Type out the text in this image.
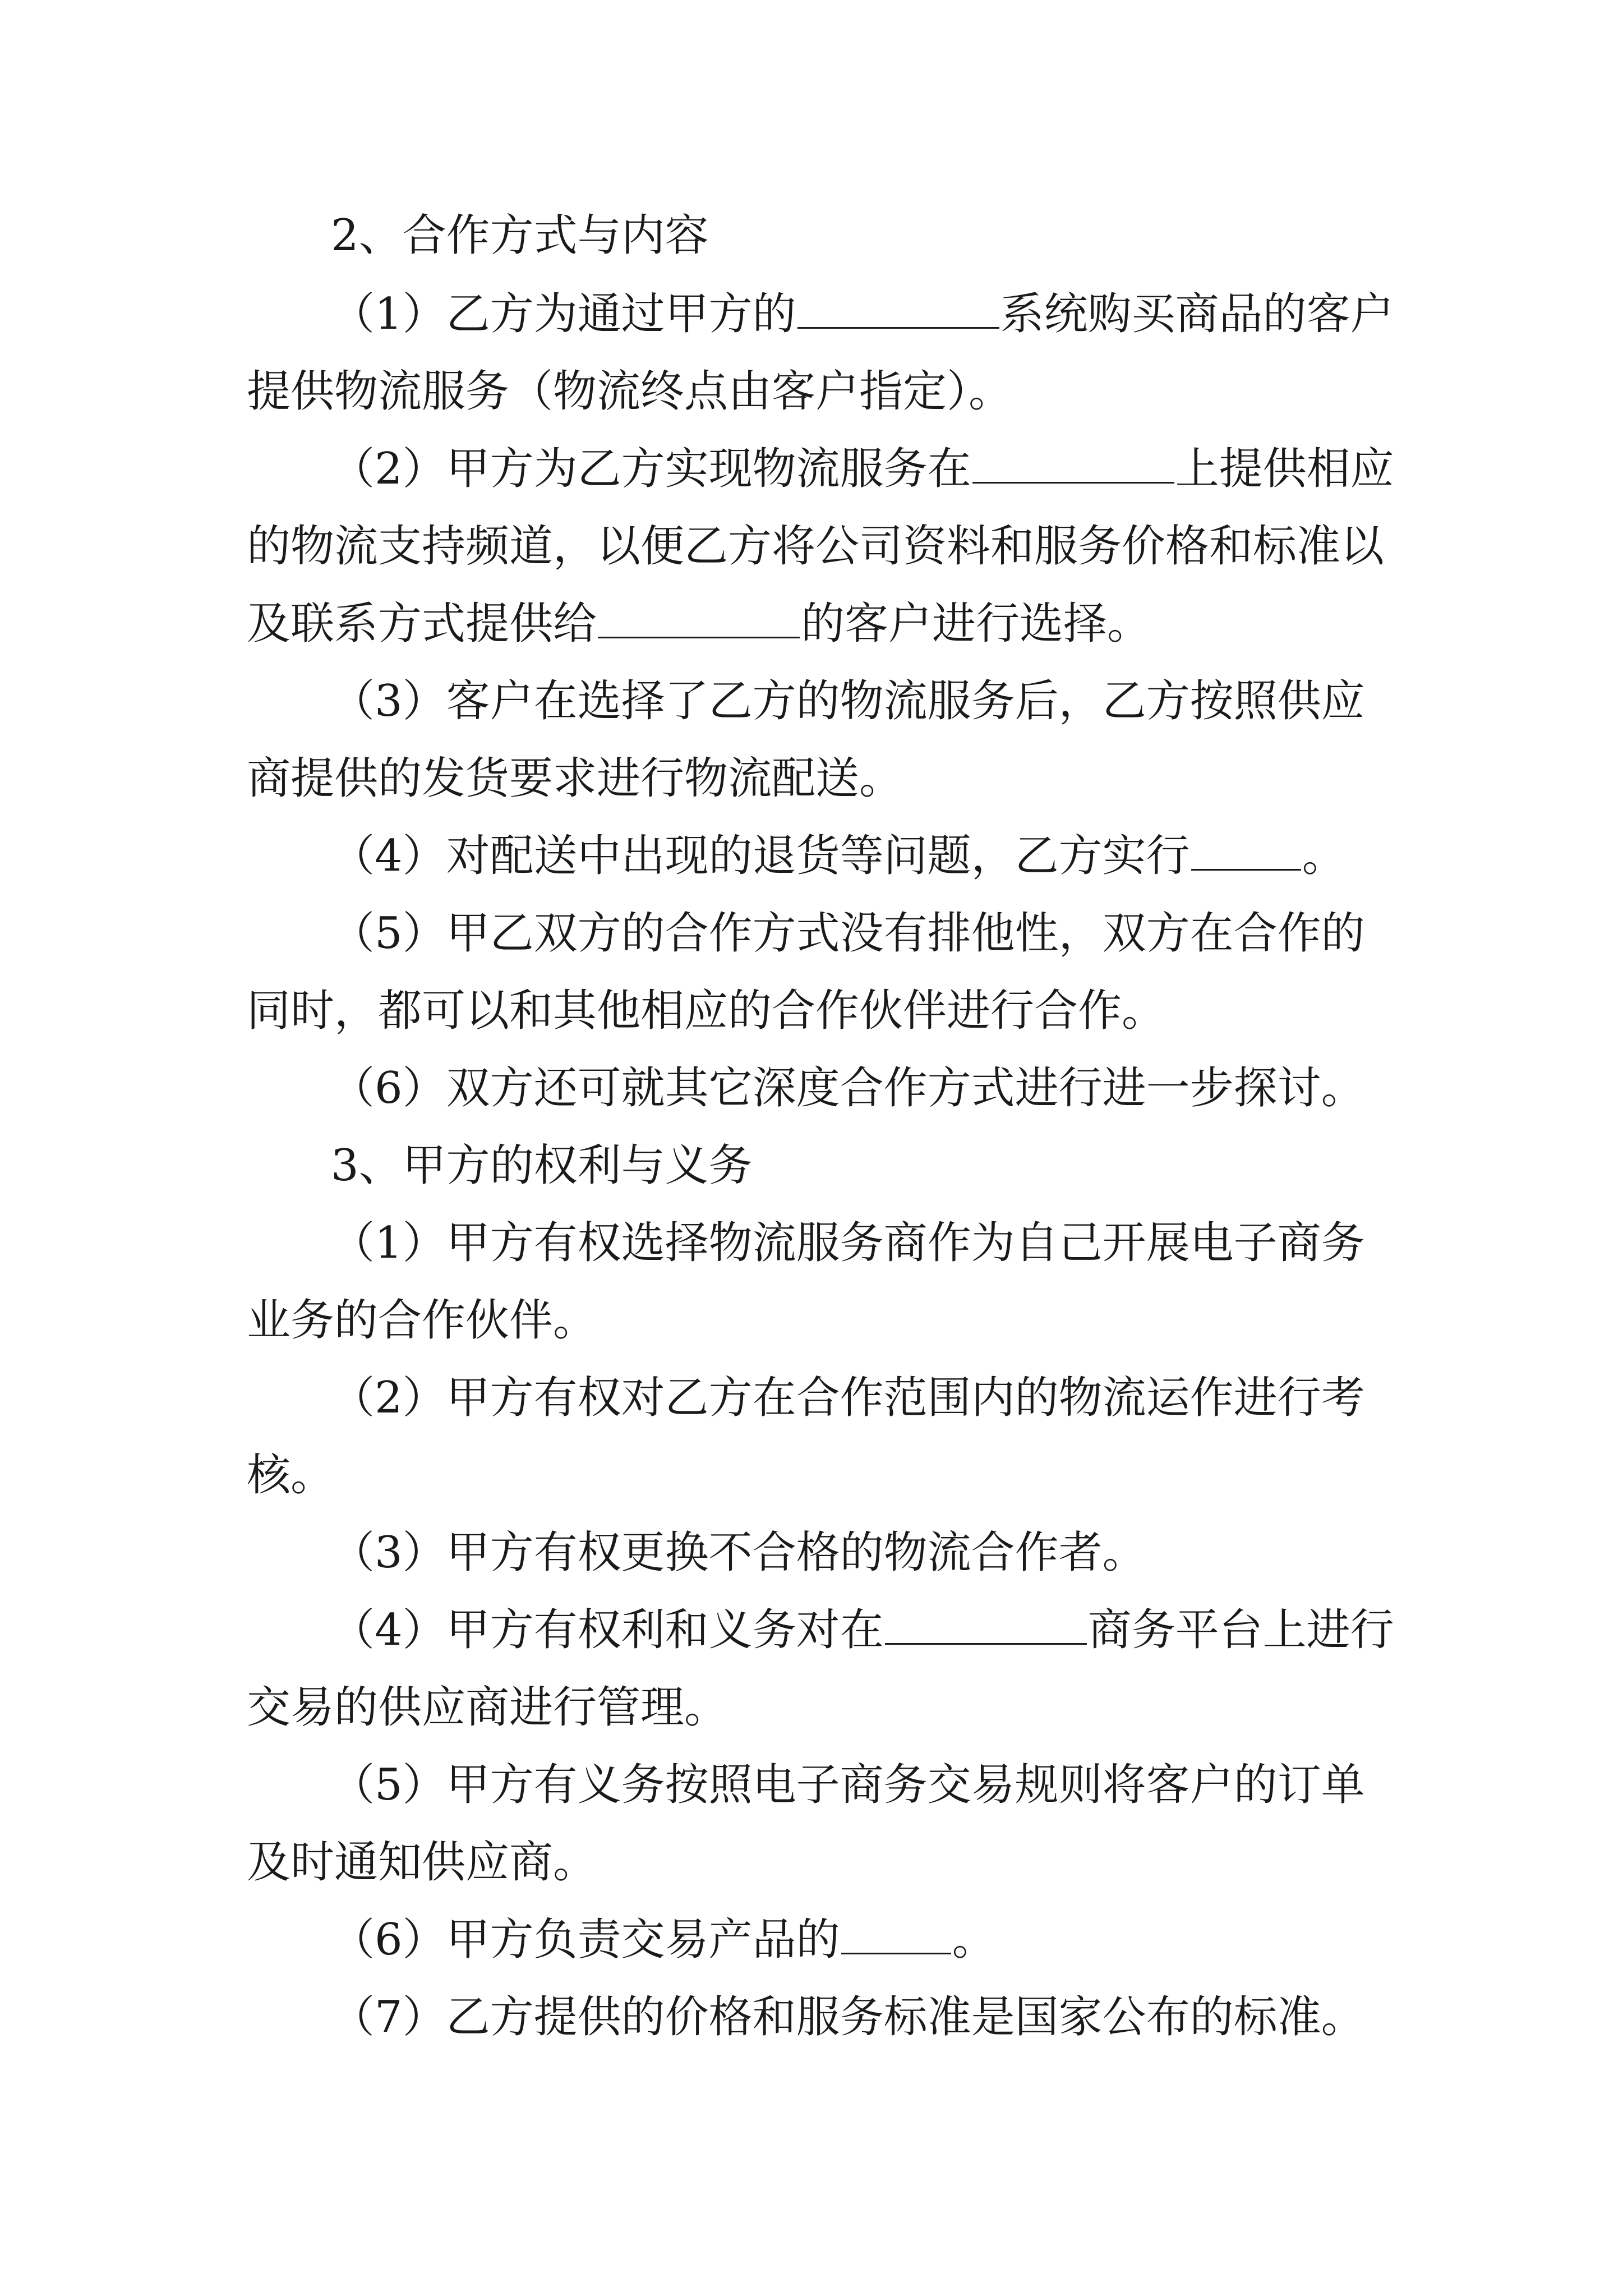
2、合作方式与内容
（1）乙方为通过甲方的	系统购买商品的客户
提供物流服务（物流终点由客户指定）。
（2）甲方为乙方实现物流服务在	上提供相应
的物流支持频道，以便乙方将公司资料和服务价格和标准以
及联系方式提供给	的客户进行选择。
（3）客户在选择了乙方的物流服务后，乙方按照供应
商提供的发货要求进行物流配送。
（4）对配送中出现的退货等问题，乙方实行	。
（5）甲乙双方的合作方式没有排他性，双方在合作的
同时，都可以和其他相应的合作伙伴进行合作。
（6）双方还可就其它深度合作方式进行进一步探讨。
3、甲方的权利与义务
（1）甲方有权选择物流服务商作为自己开展电子商务
业务的合作伙伴。
（2）甲方有权对乙方在合作范围内的物流运作进行考
核。
（3）甲方有权更换不合格的物流合作者。
（4）甲方有权利和义务对在	商务平台上进行
交易的供应商进行管理。
（5）甲方有义务按照电子商务交易规则将客户的订单
及时通知供应商。
（6）甲方负责交易产品的	。
（7）乙方提供的价格和服务标准是国家公布的标准。
